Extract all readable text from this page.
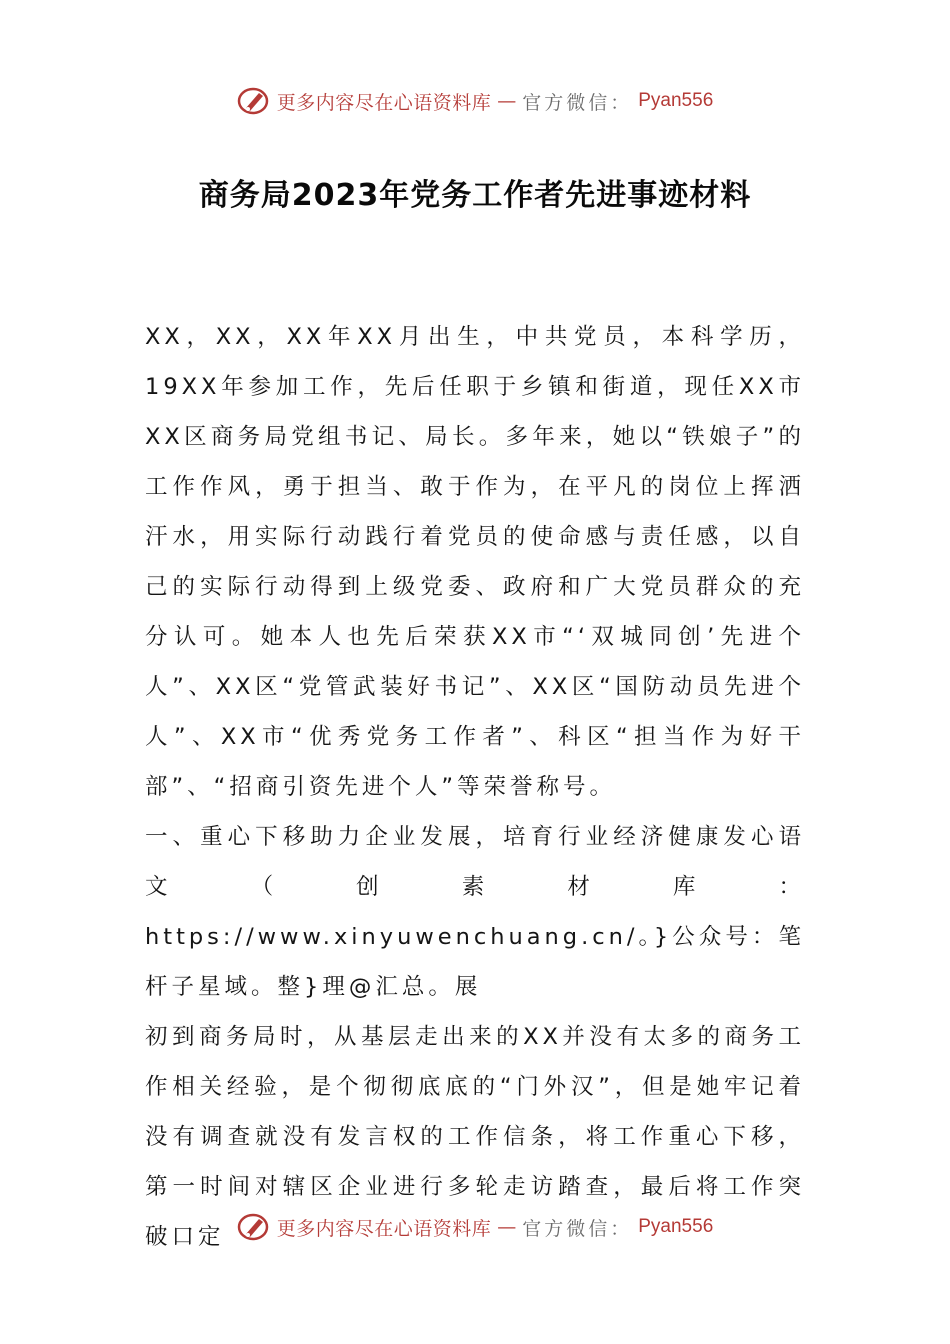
更多内容尽在心语资料库 — 官方微信： Pyan556
商务局2023年党务工作者先进事迹材料

XX，XX，XX年XX月出生，中共党员，本科学历，19XX年参加工作，先后任职于乡镇和街道，现任XX市XX区商务局党组书记、局长。多年来，她以“铁娘子”的工作作风，勇于担当、敢于作为，在平凡的岗位上挥洒汗水，用实际行动践行着党员的使命感与责任感，以自己的实际行动得到上级党委、政府和广大党员群众的充分认可。她本人也先后荣获XX市“‘双城同创’先进个人”、XX区“党管武装好书记”、XX区“国防动员先进个人”、XX市“优秀党务工作者”、科区“担当作为好干部”、“招商引资先进个人”等荣誉称号。

一、重心下移助力企业发展，培育行业经济健康发心语文（创素材库：https://www.xinyuwenchuang.cn/。}公众号：笔杆子星域。整}理@汇总。展

初到商务局时，从基层走出来的XX并没有太多的商务工作相关经验，是个彻彻底底的“门外汉”，但是她牢记着没有调查就没有发言权的工作信条，将工作重心下移，第一时间对辖区企业进行多轮走访踏查，最后将工作突破口定	更多内容尽在心语资料库 — 官方微信： Pyan556
